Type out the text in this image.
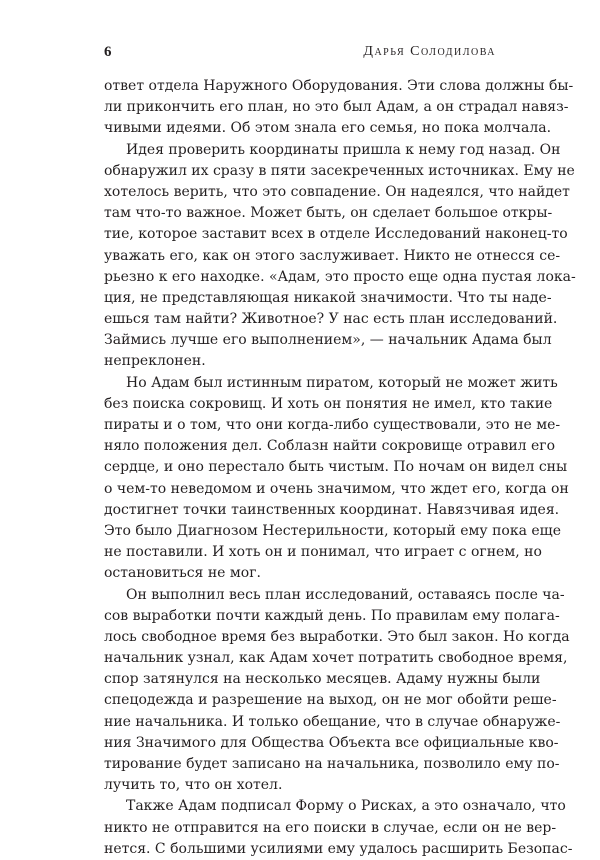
6	Дарья Солодилова
ответ отдела Наружного Оборудования. Эти слова должны бы-
ли прикончить его план, но это был Адам, а он страдал навяз-
чивыми идеями. Об этом знала его семья, но пока молчала.
Идея проверить координаты пришла к нему год назад. Он
обнаружил их сразу в пяти засекреченных источниках. Ему не
хотелось верить, что это совпадение. Он надеялся, что найдет
там что-то важное. Может быть, он сделает большое откры-
тие, которое заставит всех в отделе Исследований наконец-то
уважать его, как он этого заслуживает. Никто не отнесся се-
рьезно к его находке. «Адам, это просто еще одна пустая лока-
ция, не представляющая никакой значимости. Что ты наде-
ешься там найти? Животное? У нас есть план исследований.
Займись лучше его выполнением», — начальник Адама был
непреклонен.
Но Адам был истинным пиратом, который не может жить
без поиска сокровищ. И хоть он понятия не имел, кто такие
пираты и о том, что они когда-либо существовали, это не ме-
няло положения дел. Соблазн найти сокровище отравил его
сердце, и оно перестало быть чистым. По ночам он видел сны
о чем-то неведомом и очень значимом, что ждет его, когда он
достигнет точки таинственных координат. Навязчивая идея.
Это было Диагнозом Нестерильности, который ему пока еще
не поставили. И хоть он и понимал, что играет с огнем, но
остановиться не мог.
Он выполнил весь план исследований, оставаясь после ча-
сов выработки почти каждый день. По правилам ему полага-
лось свободное время без выработки. Это был закон. Но когда
начальник узнал, как Адам хочет потратить свободное время,
спор затянулся на несколько месяцев. Адаму нужны были
спецодежда и разрешение на выход, он не мог обойти реше-
ние начальника. И только обещание, что в случае обнаруже-
ния Значимого для Общества Объекта все официальные кво-
тирование будет записано на начальника, позволило ему по-
лучить то, что он хотел.
Также Адам подписал Форму о Рисках, а это означало, что
никто не отправится на его поиски в случае, если он не вер-
нется. С большими усилиями ему удалось расширить Безопас-
